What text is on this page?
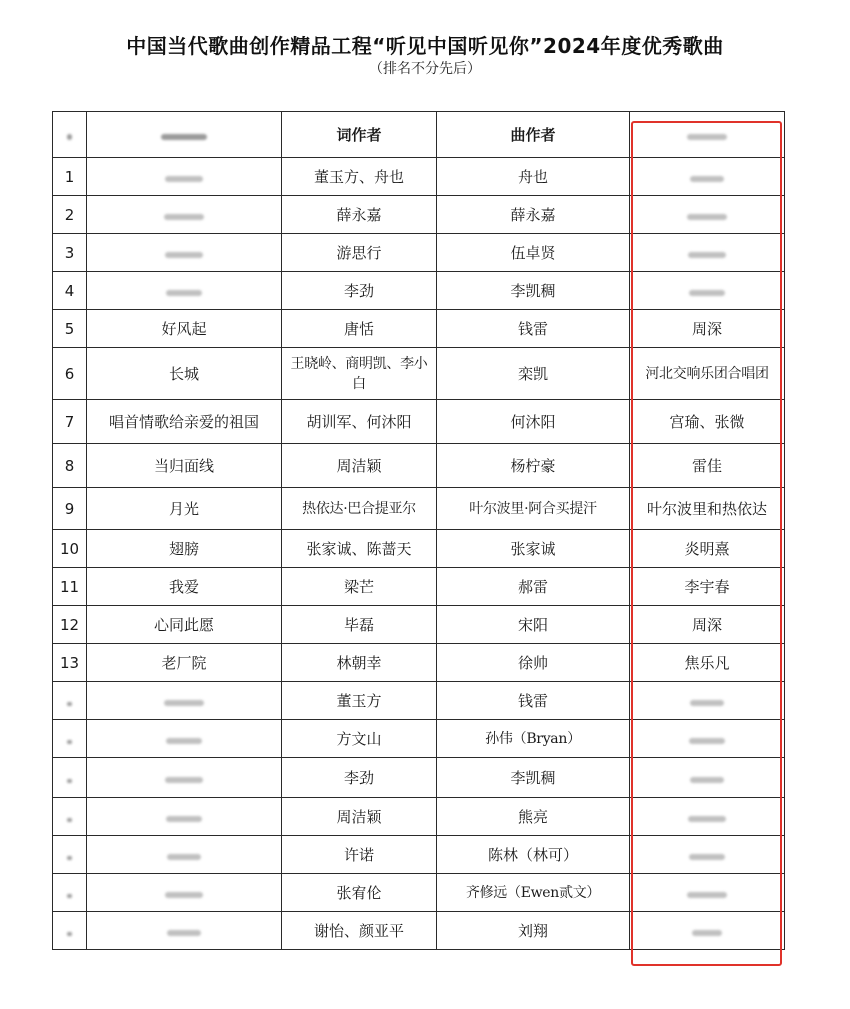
中国当代歌曲创作精品工程“听见中国听见你”2024年度优秀歌曲
（排名不分先后）
		词作者	曲作者	
1		董玉方、舟也	舟也	
2		薛永嘉	薛永嘉	
3		游思行	伍卓贤	
4		李劲	李凯稠	
5	好风起	唐恬	钱雷	周深
6	长城	王晓岭、商明凯、李小白	栾凯	河北交响乐团合唱团
7	唱首情歌给亲爱的祖国	胡训军、何沐阳	何沐阳	宫瑜、张微
8	当归面线	周洁颖	杨柠豪	雷佳
9	月光	热依达·巴合提亚尔	叶尔波里·阿合买提汗	叶尔波里和热依达
10	翅膀	张家诚、陈蔷天	张家诚	炎明熹
11	我爱	梁芒	郝雷	李宇春
12	心同此愿	毕磊	宋阳	周深
13	老厂院	林朝幸	徐帅	焦乐凡
		董玉方	钱雷	
		方文山	孙伟（Bryan）	
		李劲	李凯稠	
		周洁颖	熊亮	
		许诺	陈林（林可）	
		张宥伦	齐修远（Ewen贰文）	
		谢怡、颜亚平	刘翔	
